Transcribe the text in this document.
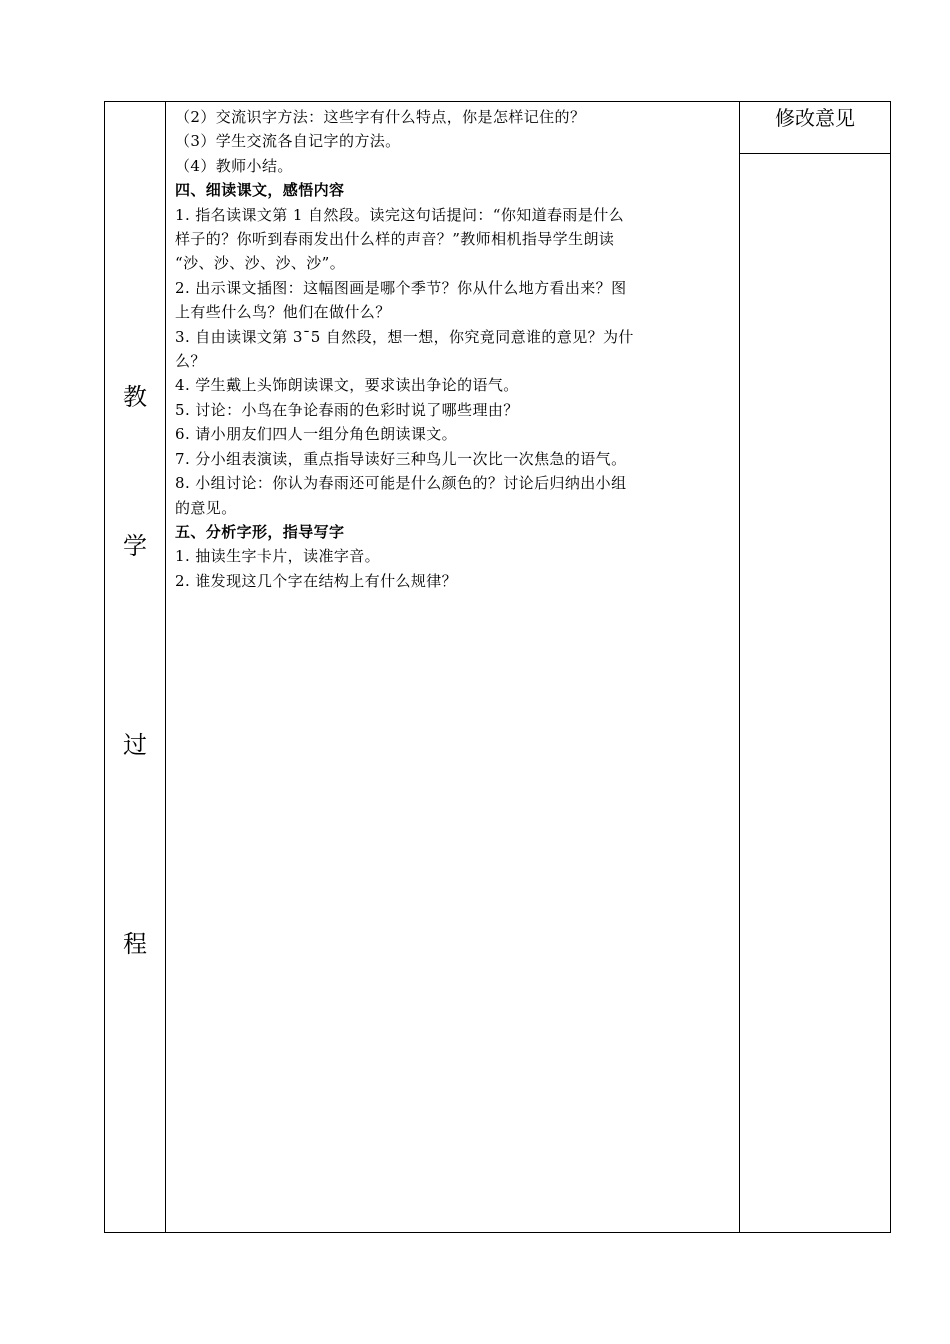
教
学
过
程
修改意见
（2）交流识字方法：这些字有什么特点，你是怎样记住的？
（3）学生交流各自记字的方法。
（4）教师小结。
四、细读课文，感悟内容
1. 指名读课文第 1 自然段。读完这句话提问：“你知道春雨是什么
样子的？你听到春雨发出什么样的声音？”教师相机指导学生朗读
“沙、沙、沙、沙、沙”。
2. 出示课文插图：这幅图画是哪个季节？你从什么地方看出来？图
上有些什么鸟？他们在做什么？
3. 自由读课文第 3¯5 自然段，想一想，你究竟同意谁的意见？为什
么？
4. 学生戴上头饰朗读课文，要求读出争论的语气。
5. 讨论：小鸟在争论春雨的色彩时说了哪些理由？
6. 请小朋友们四人一组分角色朗读课文。
7. 分小组表演读，重点指导读好三种鸟儿一次比一次焦急的语气。
8. 小组讨论：你认为春雨还可能是什么颜色的？讨论后归纳出小组
的意见。
五、分析字形，指导写字
1. 抽读生字卡片，读准字音。
2. 谁发现这几个字在结构上有什么规律？
